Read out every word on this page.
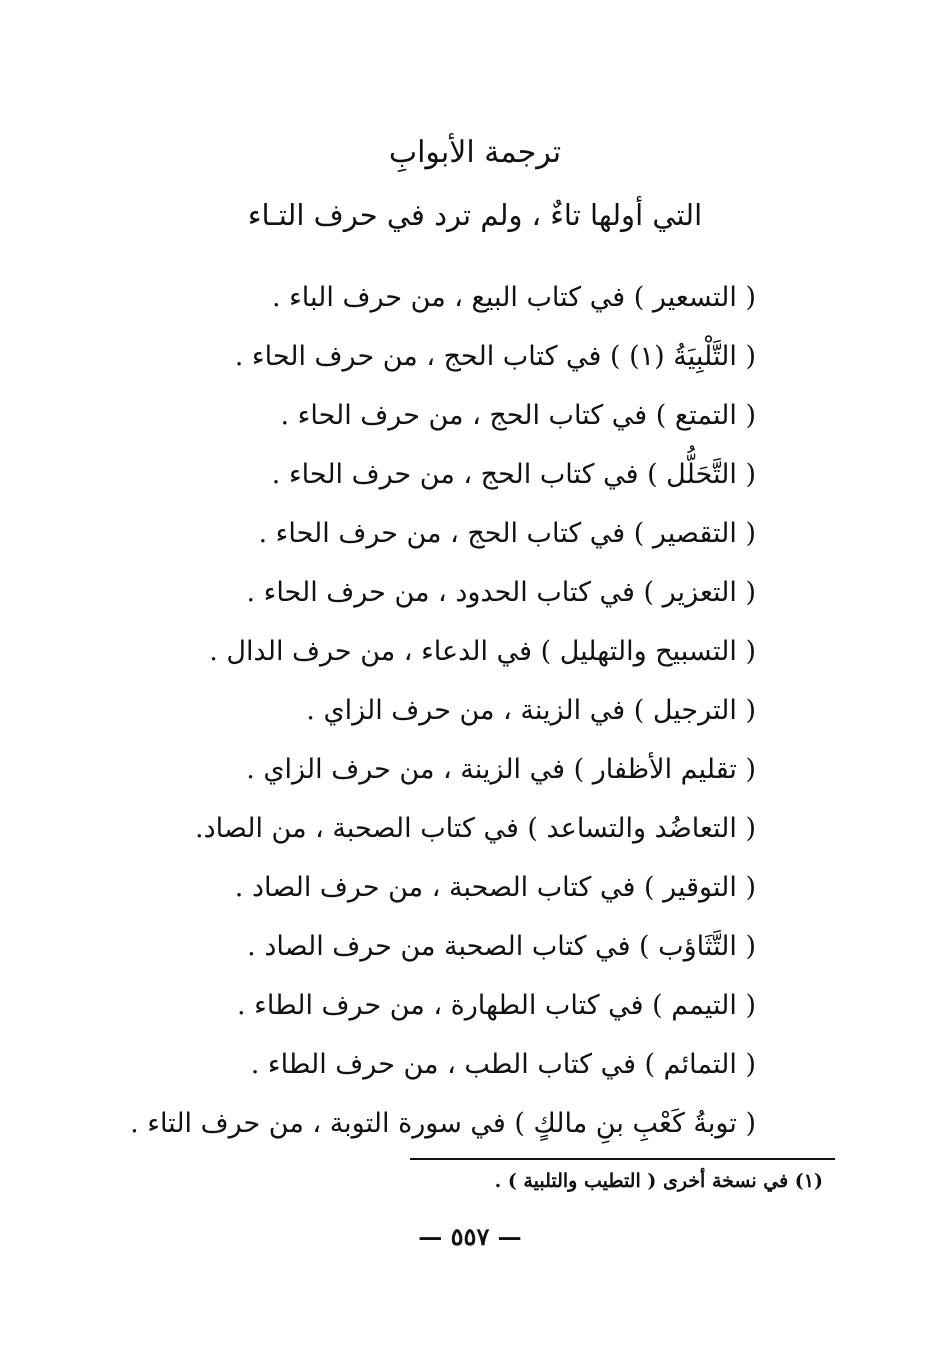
ترجمة الأبوابِ
التي أولها تاءٌ ، ولم ترد في حرف التـاء
( التسعير ) في كتاب البيع ، من حرف الباء .
( التَّلْبِيَةُ (١) ) في كتاب الحج ، من حرف الحاء .
( التمتع ) في كتاب الحج ، من حرف الحاء .
( التَّحَلُّل ) في كتاب الحج ، من حرف الحاء .
( التقصير ) في كتاب الحج ، من حرف الحاء .
( التعزير ) في كتاب الحدود ، من حرف الحاء .
( التسبيح والتهليل ) في الدعاء ، من حرف الدال .
( الترجيل ) في الزينة ، من حرف الزاي .
( تقليم الأظفار ) في الزينة ، من حرف الزاي .
( التعاضُد والتساعد ) في كتاب الصحبة ، من الصاد.
( التوقير ) في كتاب الصحبة ، من حرف الصاد .
( التَّثَاؤب ) في كتاب الصحبة من حرف الصاد .
( التيمم ) في كتاب الطهارة ، من حرف الطاء .
( التمائم ) في كتاب الطب ، من حرف الطاء .
( توبةُ كَعْبِ بنِ مالكٍ ) في سورة التوبة ، من حرف التاء .
(١) في نسخة أخرى ( التطيب والتلبية ) .
— ٥٥٧ —
